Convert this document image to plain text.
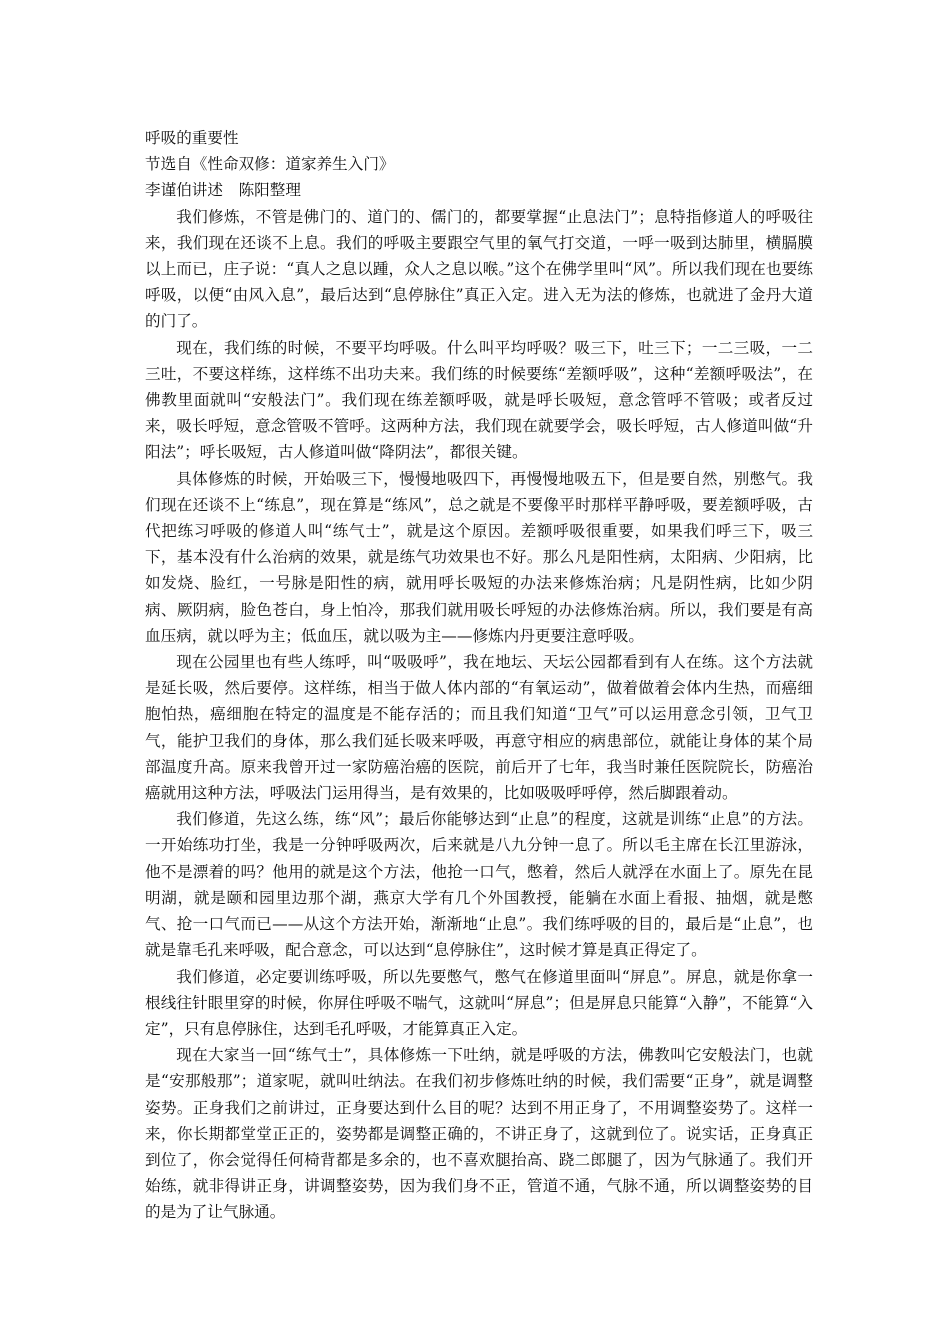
呼吸的重要性

节选自《性命双修：道家养生入门》

李谨伯讲述　陈阳整理

我们修炼，不管是佛门的、道门的、儒门的，都要掌握“止息法门”；息特指修道人的呼吸往来，我们现在还谈不上息。我们的呼吸主要跟空气里的氧气打交道，一呼一吸到达肺里，横膈膜以上而已，庄子说：“真人之息以踵，众人之息以喉。”这个在佛学里叫“风”。所以我们现在也要练呼吸，以便“由风入息”，最后达到“息停脉住”真正入定。进入无为法的修炼，也就进了金丹大道的门了。

现在，我们练的时候，不要平均呼吸。什么叫平均呼吸？吸三下，吐三下；一二三吸，一二三吐，不要这样练，这样练不出功夫来。我们练的时候要练“差额呼吸”，这种“差额呼吸法”，在佛教里面就叫“安般法门”。我们现在练差额呼吸，就是呼长吸短，意念管呼不管吸；或者反过来，吸长呼短，意念管吸不管呼。这两种方法，我们现在就要学会，吸长呼短，古人修道叫做“升阳法”；呼长吸短，古人修道叫做“降阴法”，都很关键。

具体修炼的时候，开始吸三下，慢慢地吸四下，再慢慢地吸五下，但是要自然，别憋气。我们现在还谈不上“练息”，现在算是“练风”，总之就是不要像平时那样平静呼吸，要差额呼吸，古代把练习呼吸的修道人叫“练气士”，就是这个原因。差额呼吸很重要，如果我们呼三下，吸三下，基本没有什么治病的效果，就是练气功效果也不好。那么凡是阳性病，太阳病、少阳病，比如发烧、脸红，一号脉是阳性的病，就用呼长吸短的办法来修炼治病；凡是阴性病，比如少阴病、厥阴病，脸色苍白，身上怕冷，那我们就用吸长呼短的办法修炼治病。所以，我们要是有高血压病，就以呼为主；低血压，就以吸为主——修炼内丹更要注意呼吸。

现在公园里也有些人练呼，叫“吸吸呼”，我在地坛、天坛公园都看到有人在练。这个方法就是延长吸，然后要停。这样练，相当于做人体内部的“有氧运动”，做着做着会体内生热，而癌细胞怕热，癌细胞在特定的温度是不能存活的；而且我们知道“卫气”可以运用意念引领，卫气卫气，能护卫我们的身体，那么我们延长吸来呼吸，再意守相应的病患部位，就能让身体的某个局部温度升高。原来我曾开过一家防癌治癌的医院，前后开了七年，我当时兼任医院院长，防癌治癌就用这种方法，呼吸法门运用得当，是有效果的，比如吸吸呼呼停，然后脚跟着动。

我们修道，先这么练，练“风”；最后你能够达到“止息”的程度，这就是训练“止息”的方法。一开始练功打坐，我是一分钟呼吸两次，后来就是八九分钟一息了。所以毛主席在长江里游泳，他不是漂着的吗？他用的就是这个方法，他抢一口气，憋着，然后人就浮在水面上了。原先在昆明湖，就是颐和园里边那个湖，燕京大学有几个外国教授，能躺在水面上看报、抽烟，就是憋气、抢一口气而已——从这个方法开始，渐渐地“止息”。我们练呼吸的目的，最后是“止息”，也就是靠毛孔来呼吸，配合意念，可以达到“息停脉住”，这时候才算是真正得定了。

我们修道，必定要训练呼吸，所以先要憋气，憋气在修道里面叫“屏息”。屏息，就是你拿一根线往针眼里穿的时候，你屏住呼吸不喘气，这就叫“屏息”；但是屏息只能算“入静”，不能算“入定”，只有息停脉住，达到毛孔呼吸，才能算真正入定。

现在大家当一回“练气士”，具体修炼一下吐纳，就是呼吸的方法，佛教叫它安般法门，也就是“安那般那”；道家呢，就叫吐纳法。在我们初步修炼吐纳的时候，我们需要“正身”，就是调整姿势。正身我们之前讲过，正身要达到什么目的呢？达到不用正身了，不用调整姿势了。这样一来，你长期都堂堂正正的，姿势都是调整正确的，不讲正身了，这就到位了。说实话，正身真正到位了，你会觉得任何椅背都是多余的，也不喜欢腿抬高、跷二郎腿了，因为气脉通了。我们开始练，就非得讲正身，讲调整姿势，因为我们身不正，管道不通，气脉不通，所以调整姿势的目的是为了让气脉通。
